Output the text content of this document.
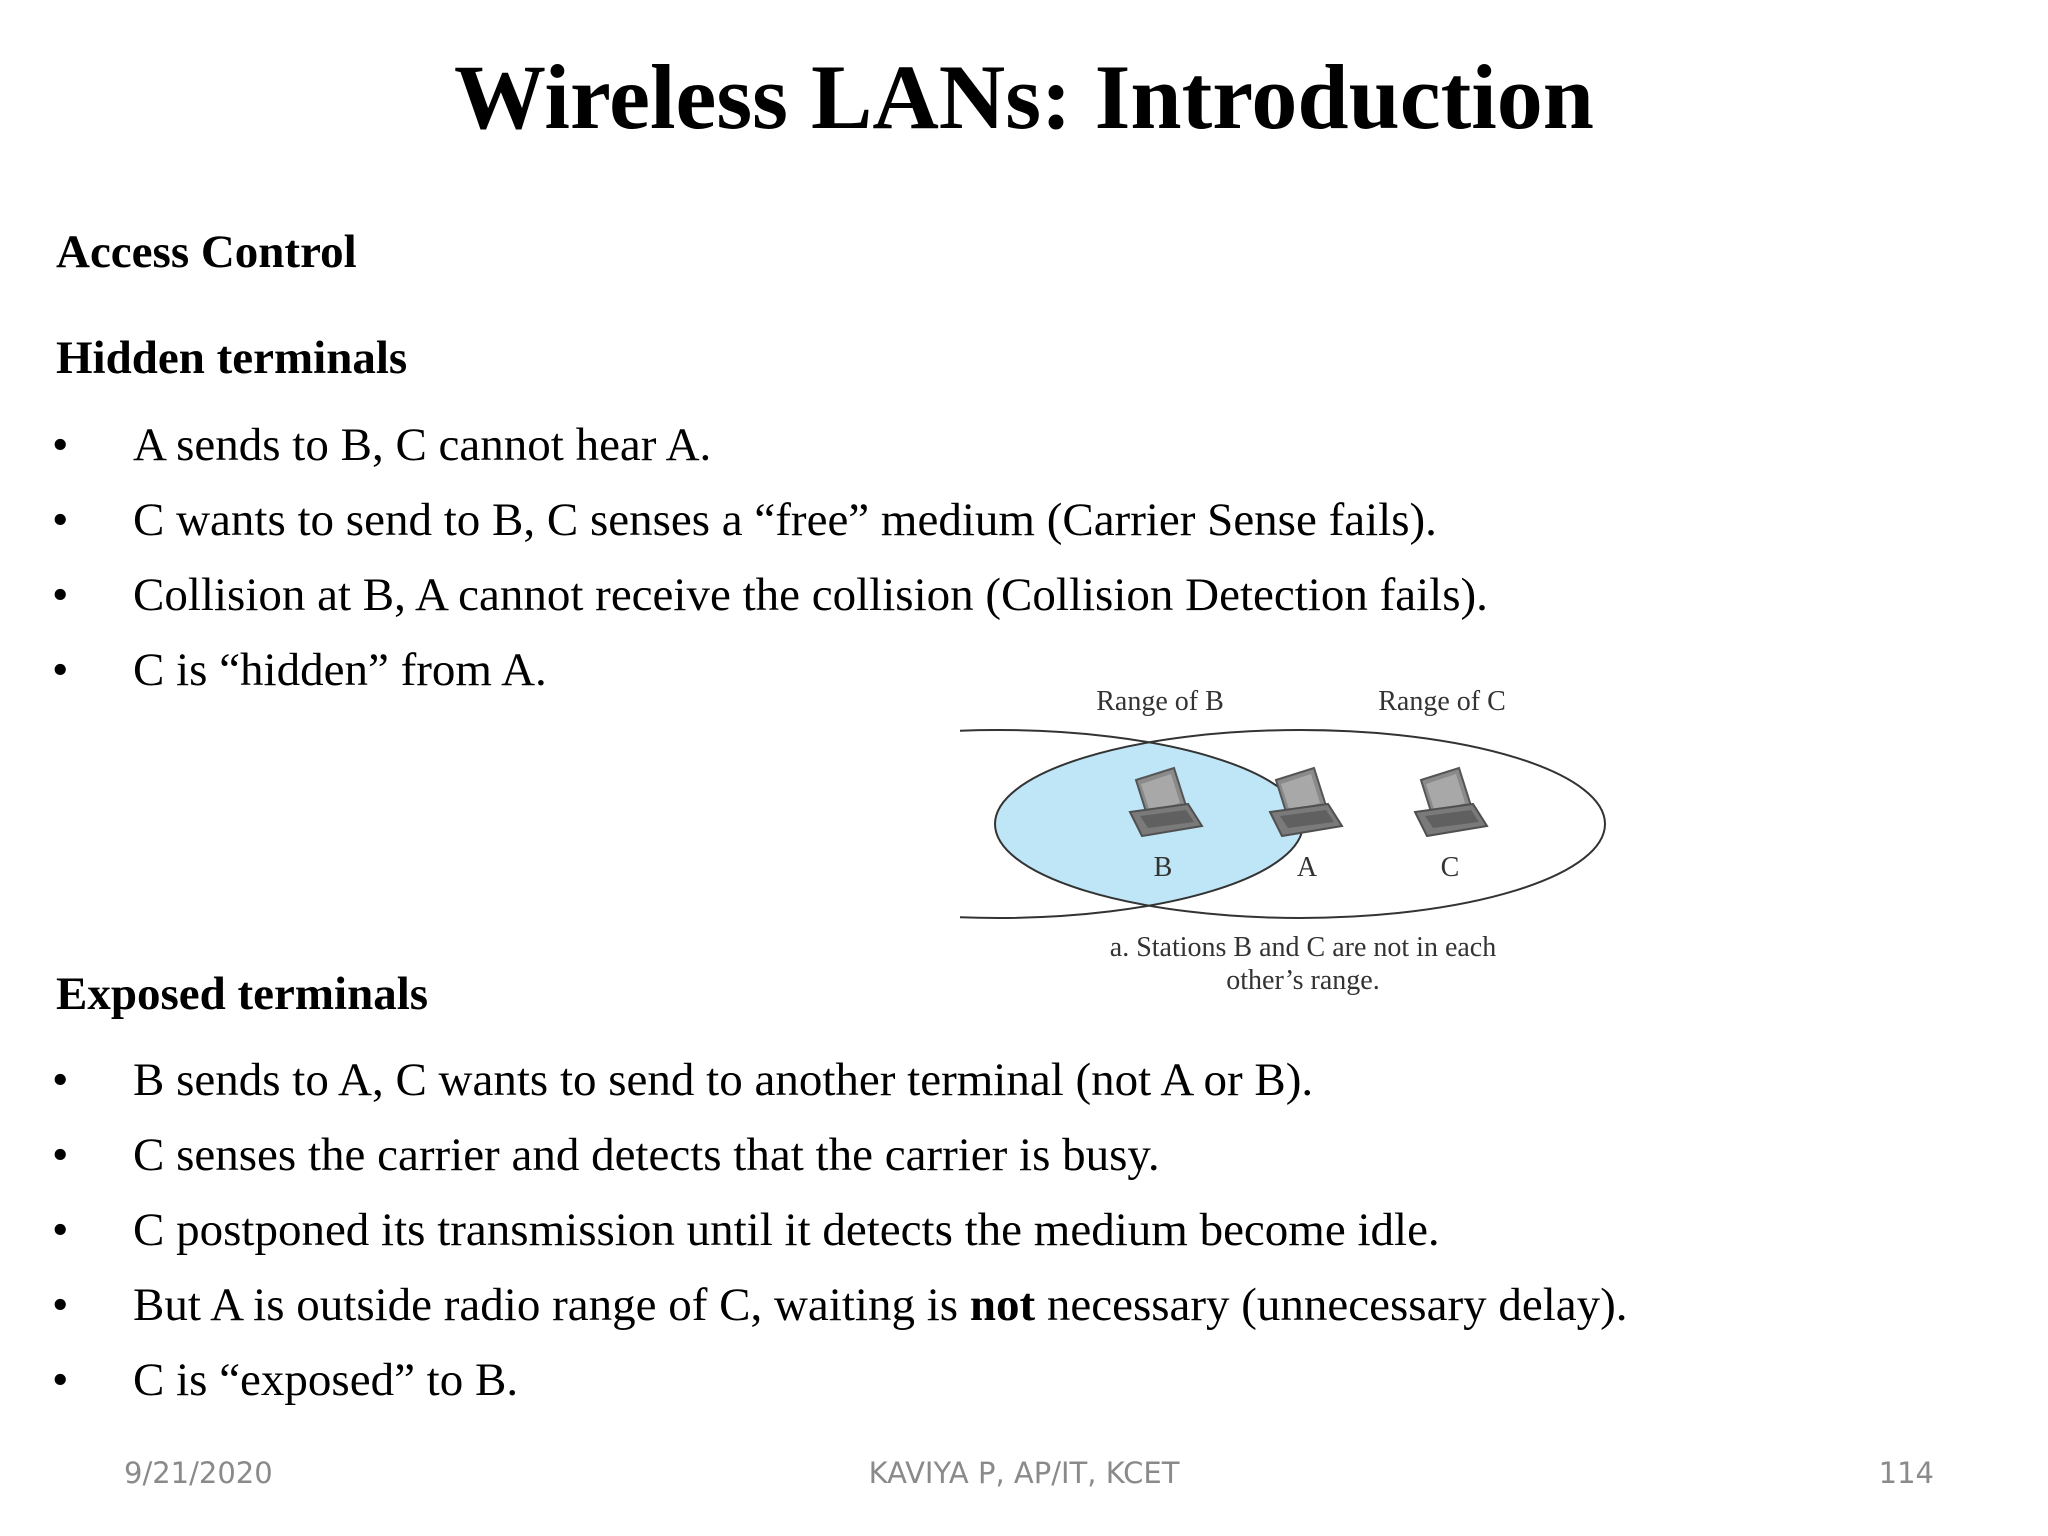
Wireless LANs: Introduction
Access Control
Hidden terminals
•	A sends to B, C cannot hear A.
•	C wants to send to B, C senses a “free” medium (Carrier Sense fails).
•	Collision at B, A cannot receive the collision (Collision Detection fails).
•	C is “hidden” from A.
Range of B	Range of C
B	A	C
a. Stations B and C are not in each
other’s range.
Exposed terminals
•	B sends to A, C wants to send to another terminal (not A or B).
•	C senses the carrier and detects that the carrier is busy.
•	C postponed its transmission until it detects the medium become idle.
•	But A is outside radio range of C, waiting is not necessary (unnecessary delay).
•	C is “exposed” to B.
9/21/2020	KAVIYA P, AP/IT, KCET	114
